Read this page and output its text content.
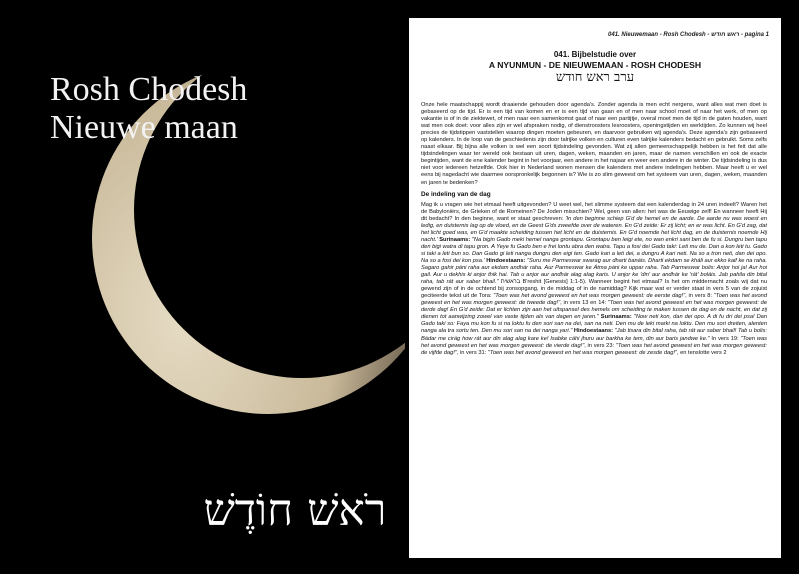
Rosh Chodesh
Nieuwe maan
רֹאשׁ חוֹדֶשׁ
041. Nieuwemaan - Rosh Chodesh - ראש חודש - pagina 1
041. Bijbelstudie over
A NYUNMUN - DE NIEUWEMAAN - ROSH CHODESH
ערב ראש חודש

Onze hele maatschappij wordt draaiende gehouden door agenda's. Zonder agenda is men echt nergens, want alles wat men doet is gebaseerd op de tijd. Er is een tijd van komen en er is een tijd van gaan en of men naar school moet of naar het werk, of men op vakantie is of in de ziektewet, of men naar een samenkomst gaat of naar een partijtje, overal moet men de tijd in de gaten houden, want wat men ook doet: voor alles zijn er wel afspraken nodig, of dienstroosters lesroosters, openingstijden en werktijden. Zo kunnen wij heel precies de tijdstippen vaststellen waarop dingen moeten gebeuren, en daarvoor gebruiken wij agenda's. Deze agenda's zijn gebaseerd op kalenders. In de loop van de geschiedenis zijn door talrijke volken en culturen even talrijke kalenders bedacht en gebruikt. Soms zelfs naast elkaar. Bij bijna alle volken is wel een soort tijdsindeling gevonden. Wat zij allen gemeenschappelijk hebben is het feit dat alle tijdsindelingen waar ter wereld ook bestaan uit uren, dagen, weken, maanden en jaren, maar de namen verschillen en ook de exacte begintijden, want de ene kalender begint in het voorjaar, een andere in het najaar en weer een andere in de winter. De tijdsindeling is dus niet voor iedereen hetzelfde. Ook hier in Nederland wonen mensen die kalenders met andere indelingen hebben. Maar heeft u er wel eens bij nagedacht wie daarmee oorspronkelijk begonnen is? Wie is zo slim geweest om het systeem van uren, dagen, weken, maanden en jaren te bedenken?

De indeling van de dag

Mag ik u vragen wie het etmaal heeft uitgevonden? U weet wel, het slimme systeem dat een kalenderdag in 24 uren indeelt? Waren het de Babyloniërs, de Grieken of de Romeinen? De Joden misschien? Wel, geen van allen: het was de Eeuwige zelf! En wanneer heeft Hij dit bedacht? In den beginne, want er staat geschreven: 'In den beginne schiep G'd de hemel en de aarde. De aarde nu was woest en ledig, en duisternis lag op de vloed, en de Geest G'ds zweefde over de wateren. En G'd zeide: Er zij licht; en er was licht. En G'd zag, dat het licht goed was, en G'd maakte scheiding tussen het licht en de duisternis. En G'd noemde het licht dag, en de duisternis noemde Hij nacht.' Surinaams: "Na bigin Gado meki hemel nanga grontapu. Grontapu ben leigi ete, no wan enkri sani ben de fu si. Dungru ben tapu den bigi watra di tapu gron. A Yeye fu Gado ben e frei lontu abra den watra. Tapu a fosi dei Gado taki: Leti mu de. Dan a kon leti tu. Gado si taki a leti bun so. Dan Gado gi leti nanga dungru den eigi ten. Gado kari a leti dei, a dungru A kari neti. Na so a tron neti, dan dei opo. Na so a fosi dei kon psa.' Hindoestaans: "Suru me Parmeswar swarag aur dharti banáis. Dharti ekdam se kháli aur ekko kaif ke na raha. Sagaro gahir páni raha aur ekdam andhár raha. Aur Parmeswar ke Átma páni ke uppar raha. Tab Parmeswar bolis: Anjor hoi ja! Aur hoi gail. Aur u dekhis ki anjor thik hai. Tab u anjor aur andhár alag alag karis. U anjor ke 'din' aur andhár ke 'rát' boláis. Jab pahila din bital raha, tab rát aur saber bhail." בראשית B'reshit [Genesis] 1:1-5). Wanneer begint het etmaal? Is het om middernacht zoals wij dat nu gewend zijn of in de ochtend bij zonsopgang, in de middag of in de namiddag? Kijk maar wat er verder staat in vers 5 van de zojuist geciteerde tekst uit de Tora: "Toen was het avond geweest en het was morgen geweest: de eerste dag!", in vers 8: "Toen was het avond geweest en het was morgen geweest: de tweede dag!", in vers 13 en 14: "Toen was het avond geweest en het was morgen geweest: de derde dag! En G'd zeide: Dat er lichten zijn aan het uitspansel des hemels om scheiding te maken tussen de dag en de nacht, en dat zij dienen tot aanwijzing zowel van vaste tijden als van dagen en jaren." Surinaams: "Now neti kon, dan dei opo. A di fu dri dei psa! Dan Gado taki so: Faya mu kon fu si na loktu fu den sori san na dei, san na neti. Den mu de leki marki na loktu. Den mu sori dreiten, alenten nanga ala tra sortu ten. Den mu sori san na dei nanga yari." Hindoestaans: "Jab tisara din bital raha, tab rát aur saber bhail! Tab u bolis: Bádar me cirág how rát aur din alag alag kare ke! Isabke cáhi jhuru aur barkha ke tem, din aur baris jandwe ke." In vers 19: "Toen was het avond geweest en het was morgen geweest: de vierde dag!", in vers 23: "Toen was het avond geweest en het was morgen geweest: de vijfde dag!", in vers 31: "Toen was het avond geweest en het was morgen geweest: de zesde dag!", en tenslotte vers 2
